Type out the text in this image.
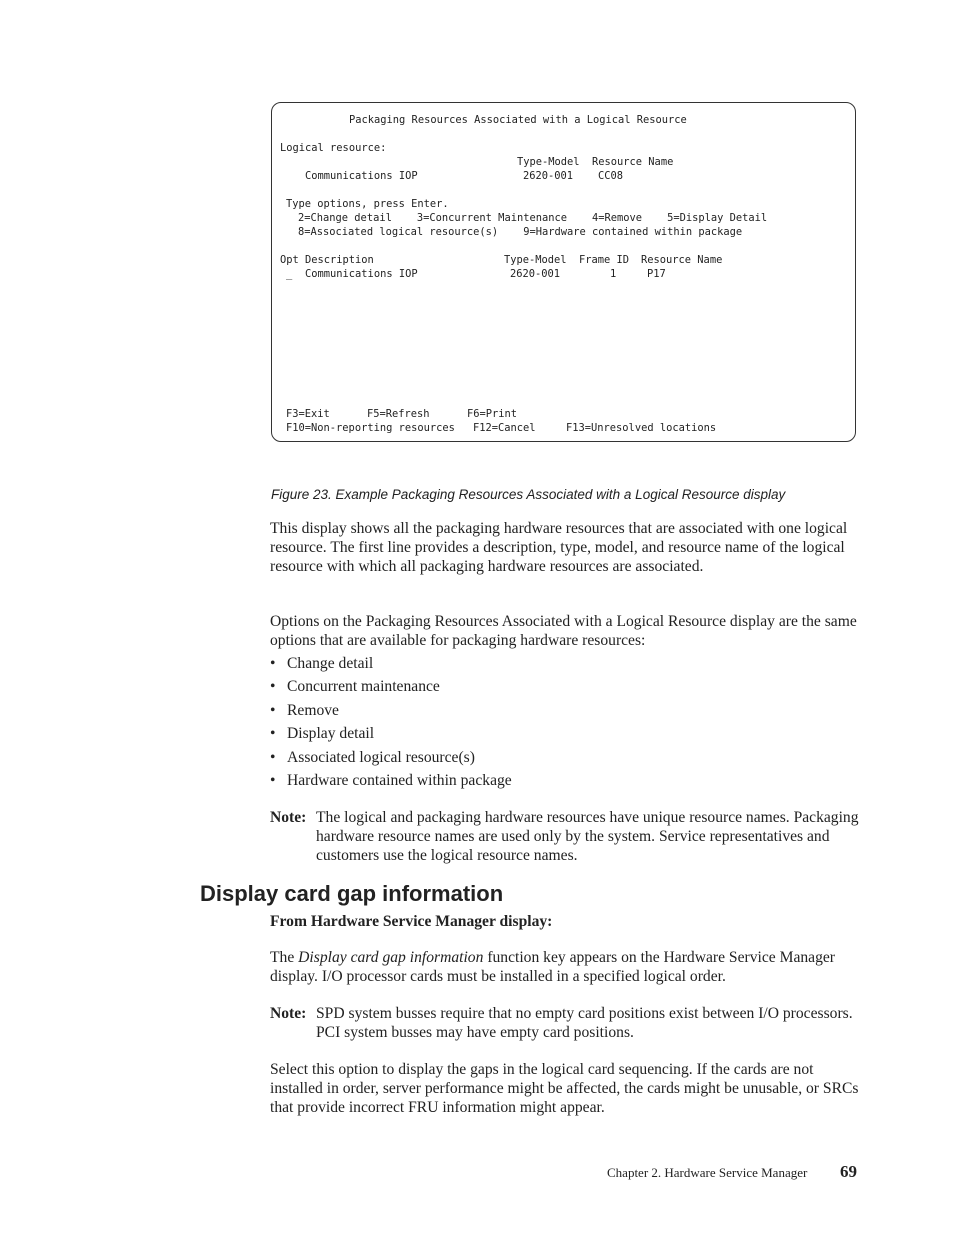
Packaging Resources Associated with a Logical Resource
Logical resource:
Type-Model Resource Name
Communications IOP	2620-001 CC08
Type options, press Enter.
2=Change detail    3=Concurrent Maintenance    4=Remove    5=Display Detail
8=Associated logical resource(s)    9=Hardware contained within package
Opt Description	Type-Model Frame ID Resource Name
_ Communications IOP	2620-001	1	P17
F3=Exit	F5=Refresh	F6=Print
F10=Non-reporting resources F12=Cancel	F13=Unresolved locations
Figure 23. Example Packaging Resources Associated with a Logical Resource display

This display shows all the packaging hardware resources that are associated with one logical resource. The first line provides a description, type, model, and resource name of the logical resource with which all packaging hardware resources are associated.

Options on the Packaging Resources Associated with a Logical Resource display are the same options that are available for packaging hardware resources:

• Change detail
• Concurrent maintenance
• Remove
• Display detail
• Associated logical resource(s)
• Hardware contained within package
Note: The logical and packaging hardware resources have unique resource names. Packaging hardware resource names are used only by the system. Service representatives and customers use the logical resource names.

Display card gap information
From Hardware Service Manager display:

The Display card gap information function key appears on the Hardware Service Manager display. I/O processor cards must be installed in a specified logical order.

Note: SPD system busses require that no empty card positions exist between I/O processors. PCI system busses may have empty card positions.

Select this option to display the gaps in the logical card sequencing. If the cards are not installed in order, server performance might be affected, the cards might be unusable, or SRCs that provide incorrect FRU information might appear.

Chapter 2. Hardware Service Manager 69
